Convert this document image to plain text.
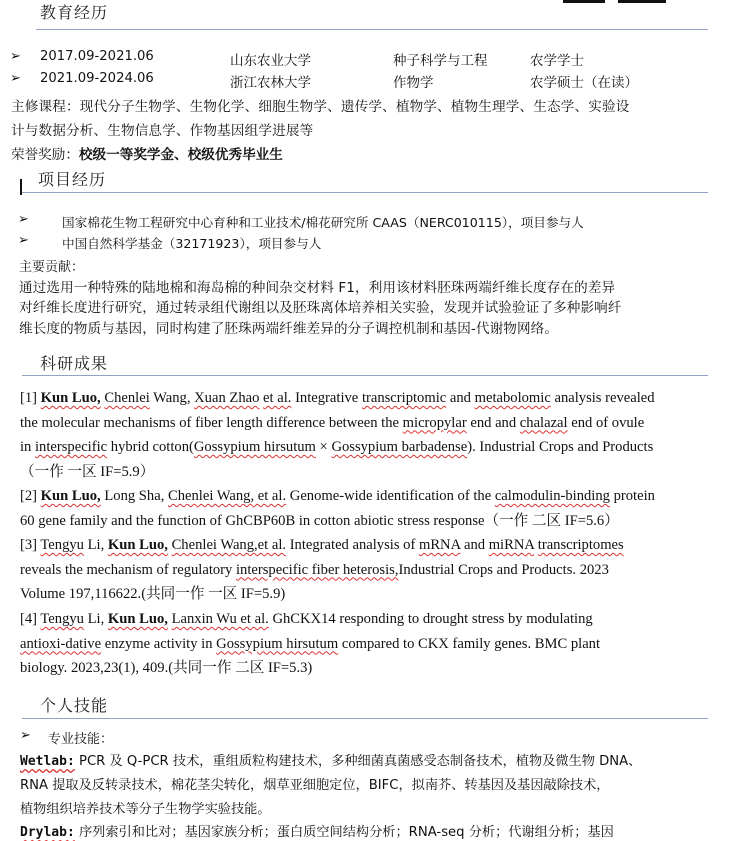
教育经历
➢ 2017.09-2021.06	山东农业大学	种子科学与工程	农学学士
➢ 2021.09-2024.06	浙江农林大学	作物学	农学硕士（在读）
主修课程：现代分子生物学、生物化学、细胞生物学、遗传学、植物学、植物生理学、生态学、实验设
计与数据分析、生物信息学、作物基因组学进展等
荣誉奖励：校级一等奖学金、校级优秀毕业生
项目经历
➢	国家棉花生物工程研究中心育种和工业技术/棉花研究所 CAAS（NERC010115），项目参与人
➢	中国自然科学基金（32171923），项目参与人
主要贡献：
通过选用一种特殊的陆地棉和海岛棉的种间杂交材料 F1，利用该材料胚珠两端纤维长度存在的差异
对纤维长度进行研究，通过转录组代谢组以及胚珠离体培养相关实验，发现并试验验证了多种影响纤
维长度的物质与基因，同时构建了胚珠两端纤维差异的分子调控机制和基因-代谢物网络。
科研成果
[1] Kun Luo, Chenlei Wang, Xuan Zhao et al. Integrative transcriptomic and metabolomic analysis revealed
the molecular mechanisms of fiber length difference between the micropylar end and chalazal end of ovule
in interspecific hybrid cotton(Gossypium hirsutum × Gossypium barbadense). Industrial Crops and Products
（一作 一区 IF=5.9）
[2] Kun Luo, Long Sha, Chenlei Wang, et al. Genome-wide identification of the calmodulin-binding protein
60 gene family and the function of GhCBP60B in cotton abiotic stress response（一作 二区 IF=5.6）
[3] Tengyu Li, Kun Luo, Chenlei Wang,et al. Integrated analysis of mRNA and miRNA transcriptomes
reveals the mechanism of regulatory interspecific fiber heterosis,Industrial Crops and Products. 2023
Volume 197,116622.(共同一作 一区 IF=5.9)
[4] Tengyu Li, Kun Luo, Lanxin Wu et al. GhCKX14 responding to drought stress by modulating
antioxi-dative enzyme activity in Gossypium hirsutum compared to CKX family genes. BMC plant
biology. 2023,23(1), 409.(共同一作 二区 IF=5.3)
个人技能
➢ 专业技能：
Wetlab: PCR 及 Q-PCR 技术，重组质粒构建技术，多种细菌真菌感受态制备技术，植物及微生物 DNA、
RNA 提取及反转录技术，棉花茎尖转化，烟草亚细胞定位，BIFC，拟南芥、转基因及基因敲除技术，
植物组织培养技术等分子生物学实验技能。
Drylab: 序列索引和比对；基因家族分析；蛋白质空间结构分析；RNA-seq 分析；代谢组分析；基因
